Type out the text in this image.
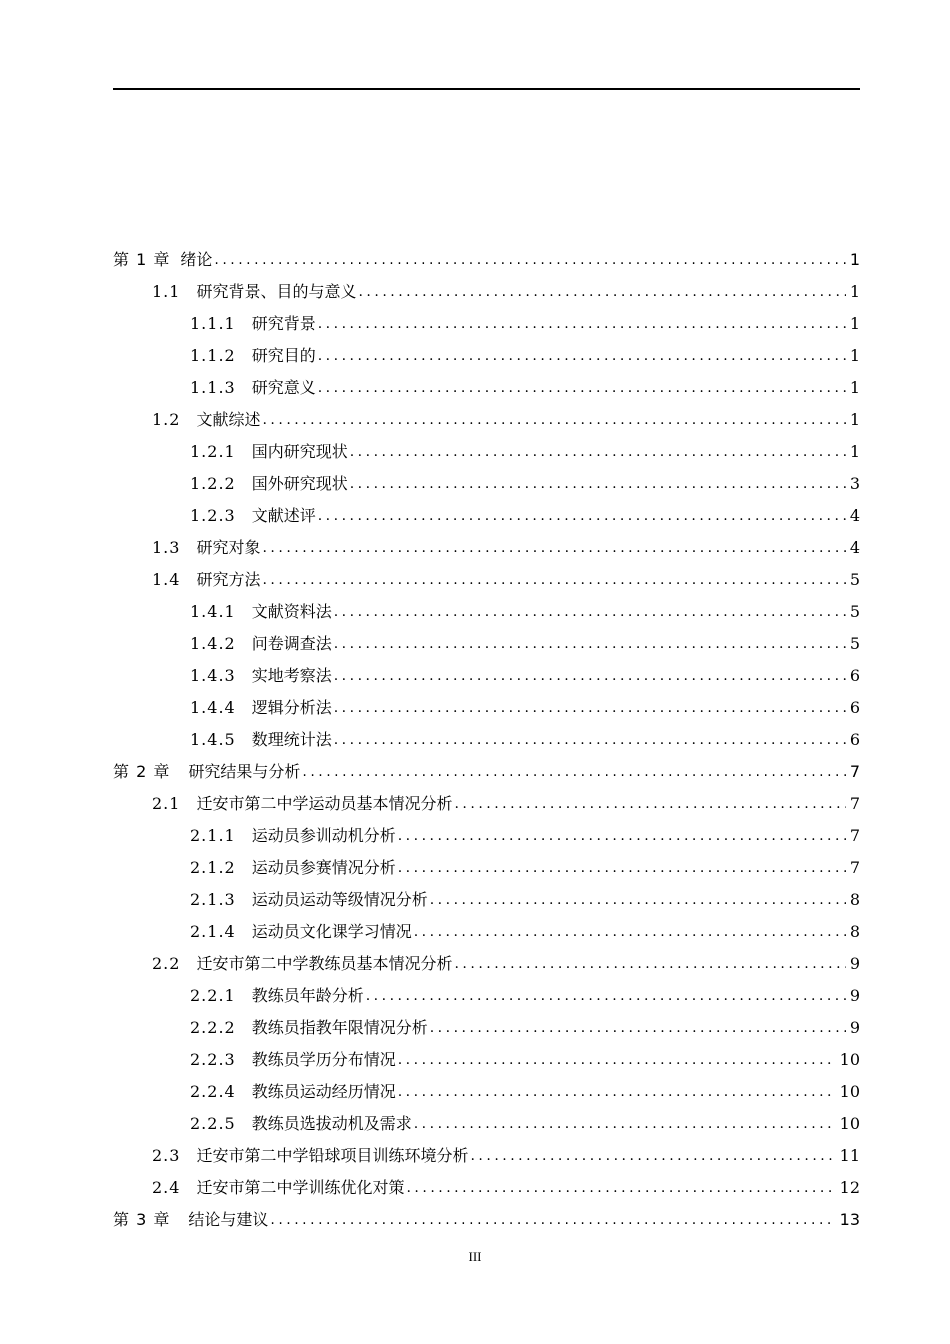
第 1 章 绪论 .....	1
1.1 研究背景、目的与意义 .....	1
1.1.1 研究背景 .....	1
1.1.2 研究目的 .....	1
1.1.3 研究意义 .....	1
1.2 文献综述 .....	1
1.2.1 国内研究现状 .....	1
1.2.2 国外研究现状 .....	3
1.2.3 文献述评 .....	4
1.3 研究对象 .....	4
1.4 研究方法 .....	5
1.4.1 文献资料法 .....	5
1.4.2 问卷调查法 .....	5
1.4.3 实地考察法 .....	6
1.4.4 逻辑分析法 .....	6
1.4.5 数理统计法 .....	6
第 2 章 研究结果与分析 .....	7
2.1 迁安市第二中学运动员基本情况分析 .....	7
2.1.1 运动员参训动机分析 .....	7
2.1.2 运动员参赛情况分析 .....	7
2.1.3 运动员运动等级情况分析 .....	8
2.1.4 运动员文化课学习情况 .....	8
2.2 迁安市第二中学教练员基本情况分析 .....	9
2.2.1 教练员年龄分析 .....	9
2.2.2 教练员指教年限情况分析 .....	9
2.2.3 教练员学历分布情况 .....	10
2.2.4 教练员运动经历情况 .....	10
2.2.5 教练员选拔动机及需求 .....	10
2.3 迁安市第二中学铅球项目训练环境分析 .....	11
2.4 迁安市第二中学训练优化对策 .....	12
第 3 章 结论与建议 .....	13
III
